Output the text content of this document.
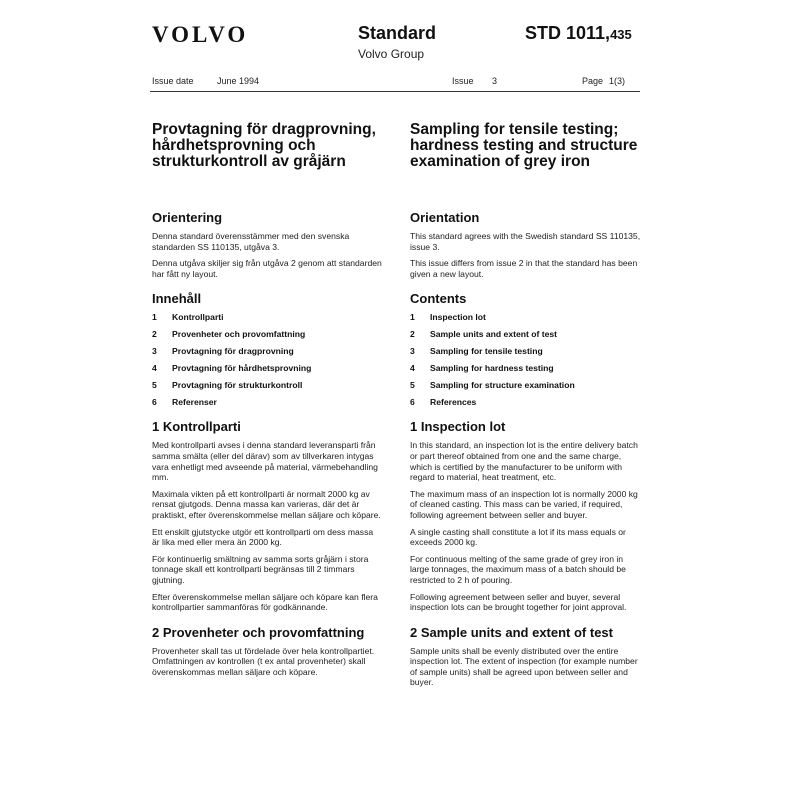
VOLVO	Standard
Volvo Group
STD 1011,435
Issue date	June 1994	Issue 3	Page 1(3)
Provtagning för dragprovning, hårdhetsprovning och strukturkontroll av gråjärn
Orientering

Denna standard överensstämmer med den svenska standarden SS 110135, utgåva 3.

Denna utgåva skiljer sig från utgåva 2 genom att standarden har fått ny layout.

Innehåll
1	Kontrollparti
2	Provenheter och provomfattning
3	Provtagning för dragprovning
4	Provtagning för hårdhetsprovning
5	Provtagning för strukturkontroll
6	Referenser
1 Kontrollparti

Med kontrollparti avses i denna standard leveransparti från samma smälta (eller del därav) som av tillverkaren intygas vara enhetligt med avseende på material, värmebehandling mm.

Maximala vikten på ett kontrollparti är normalt 2000 kg av rensat gjutgods. Denna massa kan varieras, där det är praktiskt, efter överenskommelse mellan säljare och köpare.

Ett enskilt gjutstycke utgör ett kontrollparti om dess massa är lika med eller mera än 2000 kg.

För kontinuerlig smältning av samma sorts gråjärn i stora tonnage skall ett kontrollparti begränsas till 2 timmars gjutning.

Efter överenskommelse mellan säljare och köpare kan flera kontrollpartier sammanföras för godkännande.

2 Provenheter och provomfattning

Provenheter skall tas ut fördelade över hela kontrollpartiet. Omfattningen av kontrollen (t ex antal provenheter) skall överenskommas mellan säljare och köpare.

Sampling for tensile testing; hardness testing and structure examination of grey iron
Orientation

This standard agrees with the Swedish standard SS 110135, issue 3.

This issue differs from issue 2 in that the standard has been given a new layout.

Contents
1	Inspection lot
2	Sample units and extent of test
3	Sampling for tensile testing
4	Sampling for hardness testing
5	Sampling for structure examination
6	References
1 Inspection lot

In this standard, an inspection lot is the entire delivery batch or part thereof obtained from one and the same charge, which is certified by the manufacturer to be uniform with regard to material, heat treatment, etc.

The maximum mass of an inspection lot is normally 2000 kg of cleaned casting. This mass can be varied, if required, following agreement between seller and buyer.

A single casting shall constitute a lot if its mass equals or exceeds 2000 kg.

For continuous melting of the same grade of grey iron in large tonnages, the maximum mass of a batch should be restricted to 2 h of pouring.

Following agreement between seller and buyer, several inspection lots can be brought together for joint approval.

2 Sample units and extent of test

Sample units shall be evenly distributed over the entire inspection lot. The extent of inspection (for example number of sample units) shall be agreed upon between seller and buyer.
